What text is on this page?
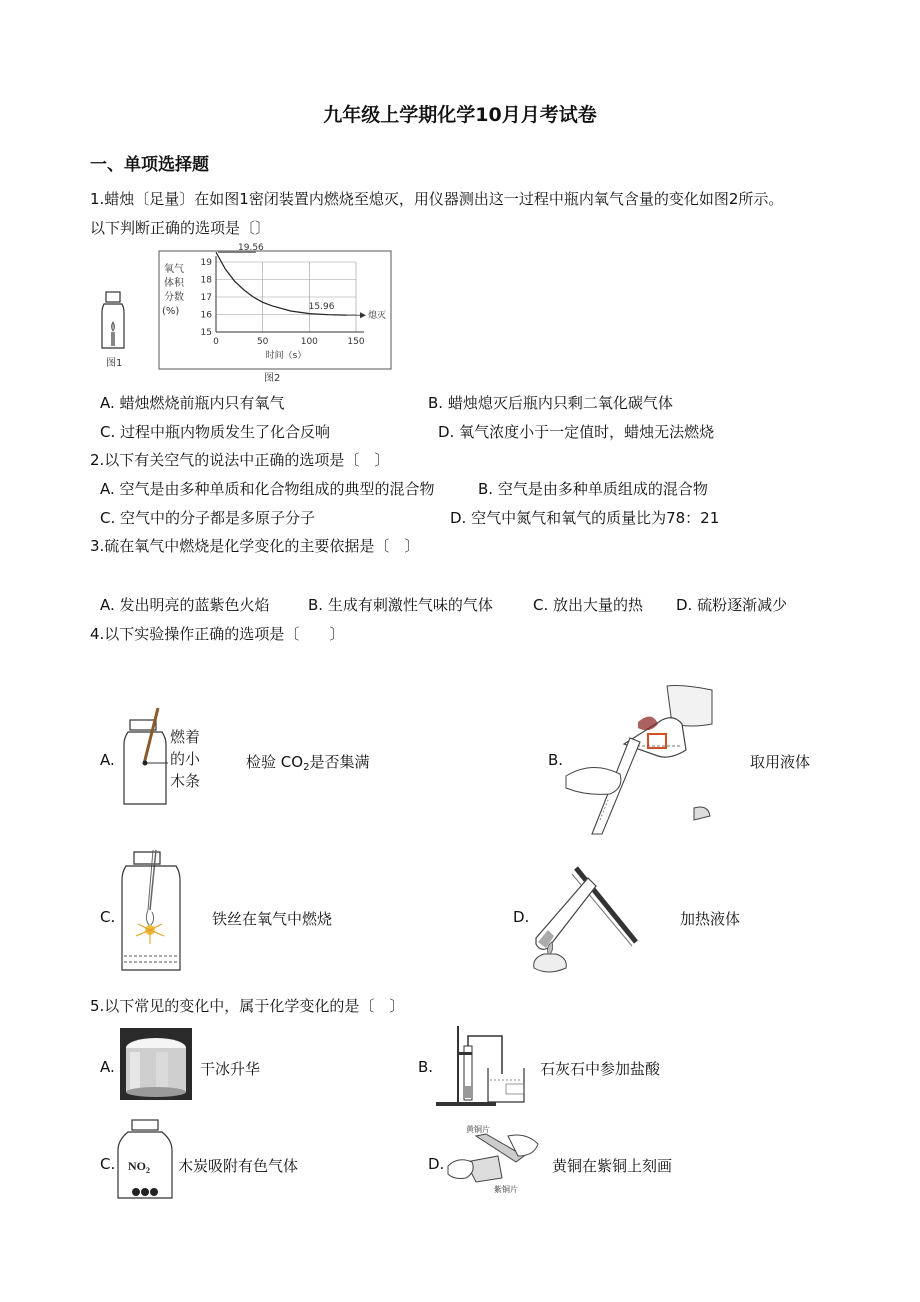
九年级上学期化学10月月考试卷
一、单项选择题
1.蜡烛〔足量〕在如图1密闭装置内燃烧至熄灭，用仪器测出这一过程中瓶内氧气含量的变化如图2所示。
以下判断正确的选项是〔〕
图1
氧气
体积
分数
(%)
19
18
17
16
15
0	50	100	150
时间（s）
19.56
15.96
熄灭
图2
A. 蜡烛燃烧前瓶内只有氧气	B. 蜡烛熄灭后瓶内只剩二氧化碳气体
C. 过程中瓶内物质发生了化合反响	D. 氧气浓度小于一定值时，蜡烛无法燃烧
2.以下有关空气的说法中正确的选项是〔　〕
A. 空气是由多种单质和化合物组成的典型的混合物	B. 空气是由多种单质组成的混合物
C. 空气中的分子都是多原子分子	D. 空气中氮气和氧气的质量比为78：21
3.硫在氧气中燃烧是化学变化的主要依据是〔　〕
A. 发出明亮的蓝紫色火焰	B. 生成有刺激性气味的气体	C. 放出大量的热 D. 硫粉逐渐减少
4.以下实验操作正确的选项是〔　　〕
A.
燃着
的小
木条
检验 $CO_2$是否集满	B.	取用液体
C.	铁丝在氧气中燃烧	D.	加热液体
5.以下常见的变化中，属于化学变化的是〔　〕
A.	干冰升华	B.	石灰石中参加盐酸
C. $NO_2$ 木炭吸附有色气体	D.
黄铜片
紫铜片
黄铜在紫铜上刻画
